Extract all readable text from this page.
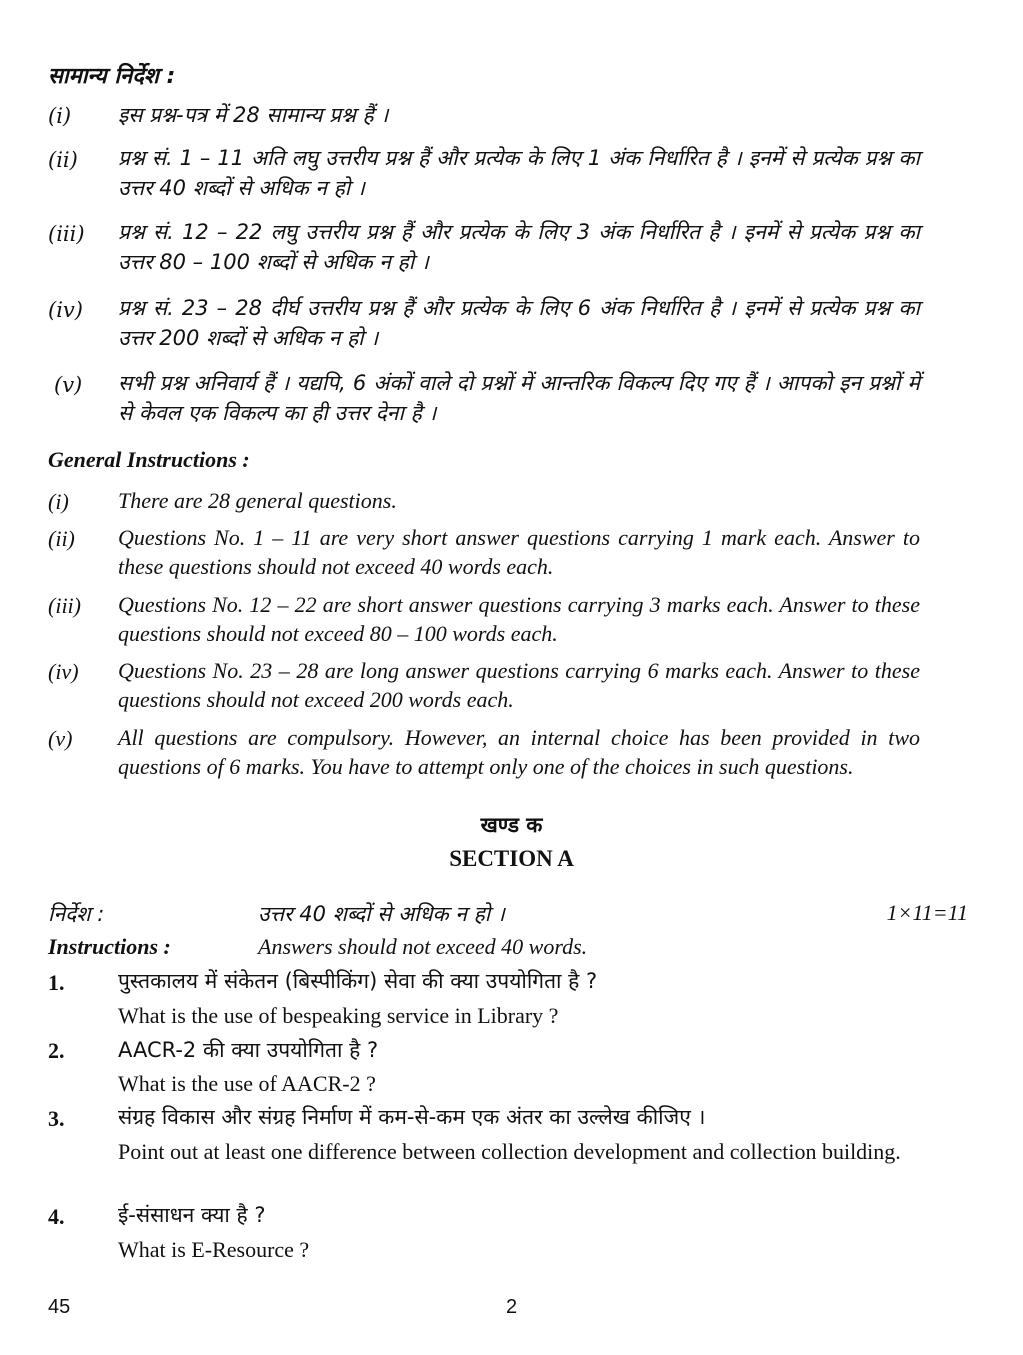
सामान्य निर्देश :
(i) इस प्रश्न-पत्र में 28 सामान्य प्रश्न हैं ।
(ii) प्रश्न सं. 1 – 11 अति लघु उत्तरीय प्रश्न हैं और प्रत्येक के लिए 1 अंक निर्धारित है । इनमें से प्रत्येक प्रश्न का उत्तर 40 शब्दों से अधिक न हो ।
(iii) प्रश्न सं. 12 – 22 लघु उत्तरीय प्रश्न हैं और प्रत्येक के लिए 3 अंक निर्धारित है । इनमें से प्रत्येक प्रश्न का उत्तर 80 – 100 शब्दों से अधिक न हो ।
(iv) प्रश्न सं. 23 – 28 दीर्घ उत्तरीय प्रश्न हैं और प्रत्येक के लिए 6 अंक निर्धारित है । इनमें से प्रत्येक प्रश्न का उत्तर 200 शब्दों से अधिक न हो ।
(v) सभी प्रश्न अनिवार्य हैं । यद्यपि, 6 अंकों वाले दो प्रश्नों में आन्तरिक विकल्प दिए गए हैं । आपको इन प्रश्नों में से केवल एक विकल्प का ही उत्तर देना है ।
General Instructions :
(i) There are 28 general questions.
(ii) Questions No. 1 – 11 are very short answer questions carrying 1 mark each. Answer to these questions should not exceed 40 words each.
(iii) Questions No. 12 – 22 are short answer questions carrying 3 marks each. Answer to these questions should not exceed 80 – 100 words each.
(iv) Questions No. 23 – 28 are long answer questions carrying 6 marks each. Answer to these questions should not exceed 200 words each.
(v) All questions are compulsory. However, an internal choice has been provided in two questions of 6 marks. You have to attempt only one of the choices in such questions.
खण्ड क
SECTION A
निर्देश :	उत्तर 40 शब्दों से अधिक न हो ।	1×11=11
Instructions :	Answers should not exceed 40 words.
1.	पुस्तकालय में संकेतन (बिस्पीकिंग) सेवा की क्या उपयोगिता है ?
What is the use of bespeaking service in Library ?
2.	AACR-2 की क्या उपयोगिता है ?
What is the use of AACR-2 ?
3.	संग्रह विकास और संग्रह निर्माण में कम-से-कम एक अंतर का उल्लेख कीजिए ।
Point out at least one difference between collection development and collection building.
4.	ई-संसाधन क्या है ?
What is E-Resource ?
45	2
